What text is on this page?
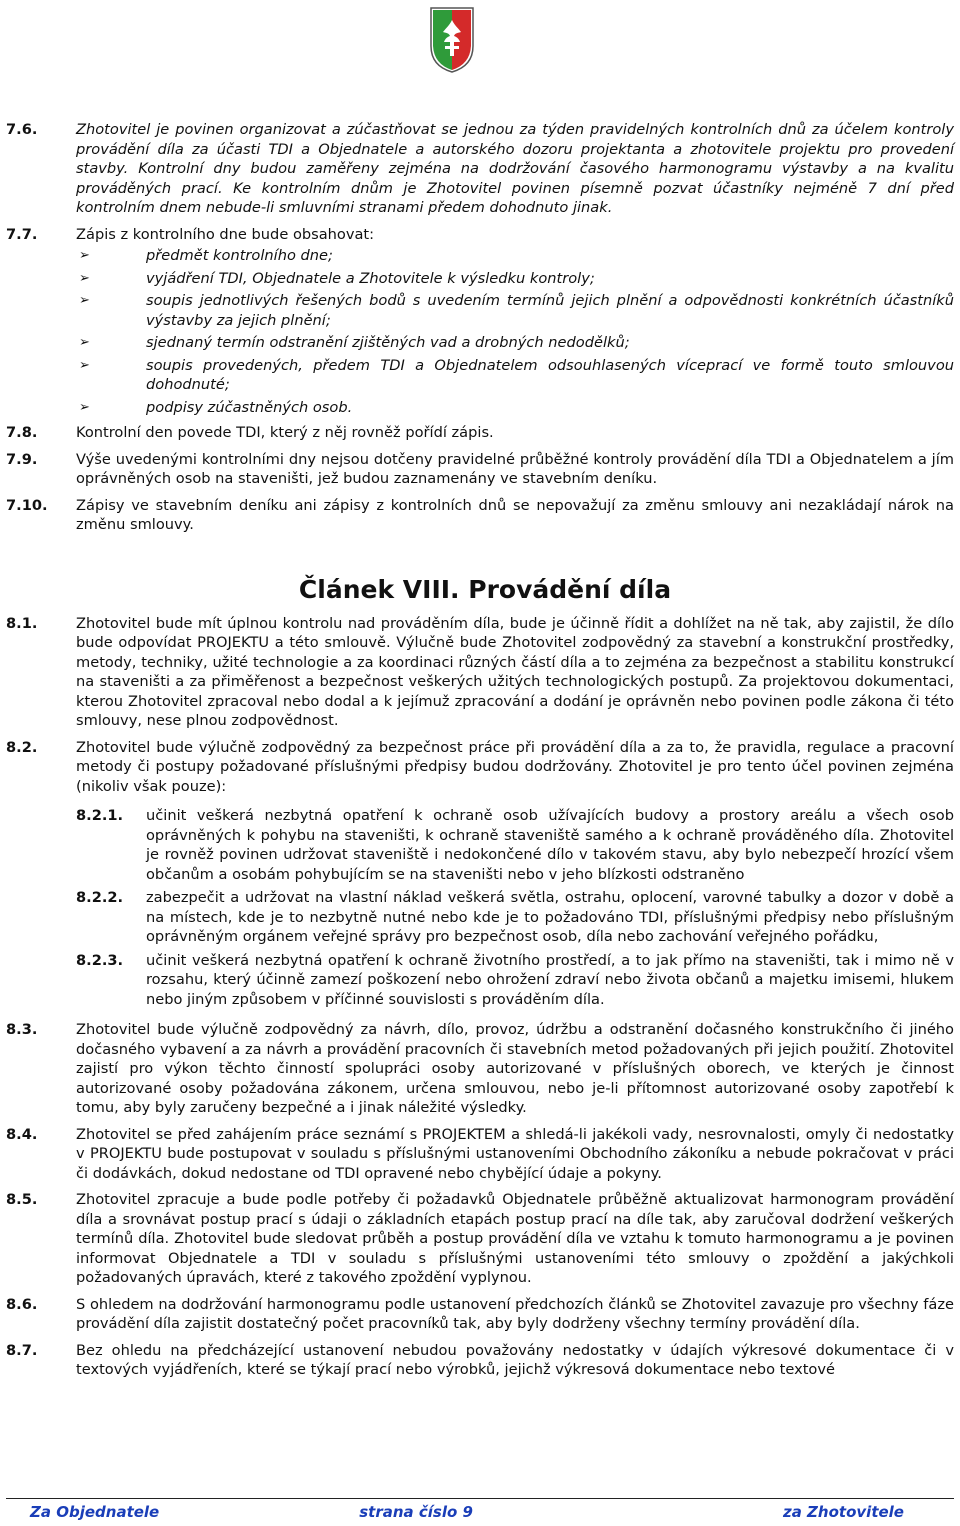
7.6.	Zhotovitel je povinen organizovat a zúčastňovat se jednou za týden pravidelných kontrolních dnů za účelem kontroly provádění díla za účasti TDI a Objednatele a autorského dozoru projektanta a zhotovitele projektu pro provedení stavby. Kontrolní dny budou zaměřeny zejména na dodržování časového harmonogramu výstavby a na kvalitu prováděných prací. Ke kontrolním dnům je Zhotovitel povinen písemně pozvat účastníky nejméně 7 dní před kontrolním dnem nebude-li smluvními stranami předem dohodnuto jinak.
7.7.	Zápis z kontrolního dne bude obsahovat:
➢	předmět kontrolního dne;
➢	vyjádření TDI, Objednatele a Zhotovitele k výsledku kontroly;
➢	soupis jednotlivých řešených bodů s uvedením termínů jejich plnění a odpovědnosti konkrétních účastníků výstavby za jejich plnění;
➢	sjednaný termín odstranění zjištěných vad a drobných nedodělků;
➢	soupis provedených, předem TDI a Objednatelem odsouhlasených víceprací ve formě touto smlouvou dohodnuté;
➢	podpisy zúčastněných osob.
7.8.	Kontrolní den povede TDI, který z něj rovněž pořídí zápis.
7.9.	Výše uvedenými kontrolními dny nejsou dotčeny pravidelné průběžné kontroly provádění díla TDI a Objednatelem a jím oprávněných osob na staveništi, jež budou zaznamenány ve stavebním deníku.
7.10.	Zápisy ve stavebním deníku ani zápisy z kontrolních dnů se nepovažují za změnu smlouvy ani nezakládají nárok na změnu smlouvy.
Článek VIII. Provádění díla
8.1.	Zhotovitel bude mít úplnou kontrolu nad prováděním díla, bude je účinně řídit a dohlížet na ně tak, aby zajistil, že dílo bude odpovídat PROJEKTU a této smlouvě. Výlučně bude Zhotovitel zodpovědný za stavební a konstrukční prostředky, metody, techniky, užité technologie a za koordinaci různých částí díla a to zejména za bezpečnost a stabilitu konstrukcí na staveništi a za přiměřenost a bezpečnost veškerých užitých technologických postupů. Za projektovou dokumentaci, kterou Zhotovitel zpracoval nebo dodal a k jejímuž zpracování a dodání je oprávněn nebo povinen podle zákona či této smlouvy, nese plnou zodpovědnost.
8.2.	Zhotovitel bude výlučně zodpovědný za bezpečnost práce při provádění díla a za to, že pravidla, regulace a pracovní metody či postupy požadované příslušnými předpisy budou dodržovány. Zhotovitel je pro tento účel povinen zejména (nikoliv však pouze):
8.2.1.	učinit veškerá nezbytná opatření k ochraně osob užívajících budovy a prostory areálu a všech osob oprávněných k pohybu na staveništi, k ochraně staveniště samého a k ochraně prováděného díla. Zhotovitel je rovněž povinen udržovat staveniště i nedokončené dílo v takovém stavu, aby bylo nebezpečí hrozící všem občanům a osobám pohybujícím se na staveništi nebo v jeho blízkosti odstraněno
8.2.2.	zabezpečit a udržovat na vlastní náklad veškerá světla, ostrahu, oplocení, varovné tabulky a dozor v době a na místech, kde je to nezbytně nutné nebo kde je to požadováno TDI, příslušnými předpisy nebo příslušným oprávněným orgánem veřejné správy pro bezpečnost osob, díla nebo zachování veřejného pořádku,
8.2.3.	učinit veškerá nezbytná opatření k ochraně životního prostředí, a to jak přímo na staveništi, tak i mimo ně v rozsahu, který účinně zamezí poškození nebo ohrožení zdraví nebo života občanů a majetku imisemi, hlukem nebo jiným způsobem v příčinné souvislosti s prováděním díla.
8.3.	Zhotovitel bude výlučně zodpovědný za návrh, dílo, provoz, údržbu a odstranění dočasného konstrukčního či jiného dočasného vybavení a za návrh a provádění pracovních či stavebních metod požadovaných při jejich použití. Zhotovitel zajistí pro výkon těchto činností spolupráci osoby autorizované v příslušných oborech, ve kterých je činnost autorizované osoby požadována zákonem, určena smlouvou, nebo je-li přítomnost autorizované osoby zapotřebí k tomu, aby byly zaručeny bezpečné a i jinak náležité výsledky.
8.4.	Zhotovitel se před zahájením práce seznámí s PROJEKTEM a shledá-li jakékoli vady, nesrovnalosti, omyly či nedostatky v PROJEKTU bude postupovat v souladu s příslušnými ustanoveními Obchodního zákoníku a nebude pokračovat v práci či dodávkách, dokud nedostane od TDI opravené nebo chybějící údaje a pokyny.
8.5.	Zhotovitel zpracuje a bude podle potřeby či požadavků Objednatele průběžně aktualizovat harmonogram provádění díla a srovnávat postup prací s údaji o základních etapách postup prací na díle tak, aby zaručoval dodržení veškerých termínů díla. Zhotovitel bude sledovat průběh a postup provádění díla ve vztahu k tomuto harmonogramu a je povinen informovat Objednatele a TDI v souladu s příslušnými ustanoveními této smlouvy o zpoždění a jakýchkoli požadovaných úpravách, které z takového zpoždění vyplynou.
8.6.	S ohledem na dodržování harmonogramu podle ustanovení předchozích článků se Zhotovitel zavazuje pro všechny fáze provádění díla zajistit dostatečný počet pracovníků tak, aby byly dodrženy všechny termíny provádění díla.
8.7.	Bez ohledu na předcházející ustanovení nebudou považovány nedostatky v údajích výkresové dokumentace či v textových vyjádřeních, které se týkají prací nebo výrobků, jejichž výkresová dokumentace nebo textové
Za Objednatele	strana číslo 9	za Zhotovitele
